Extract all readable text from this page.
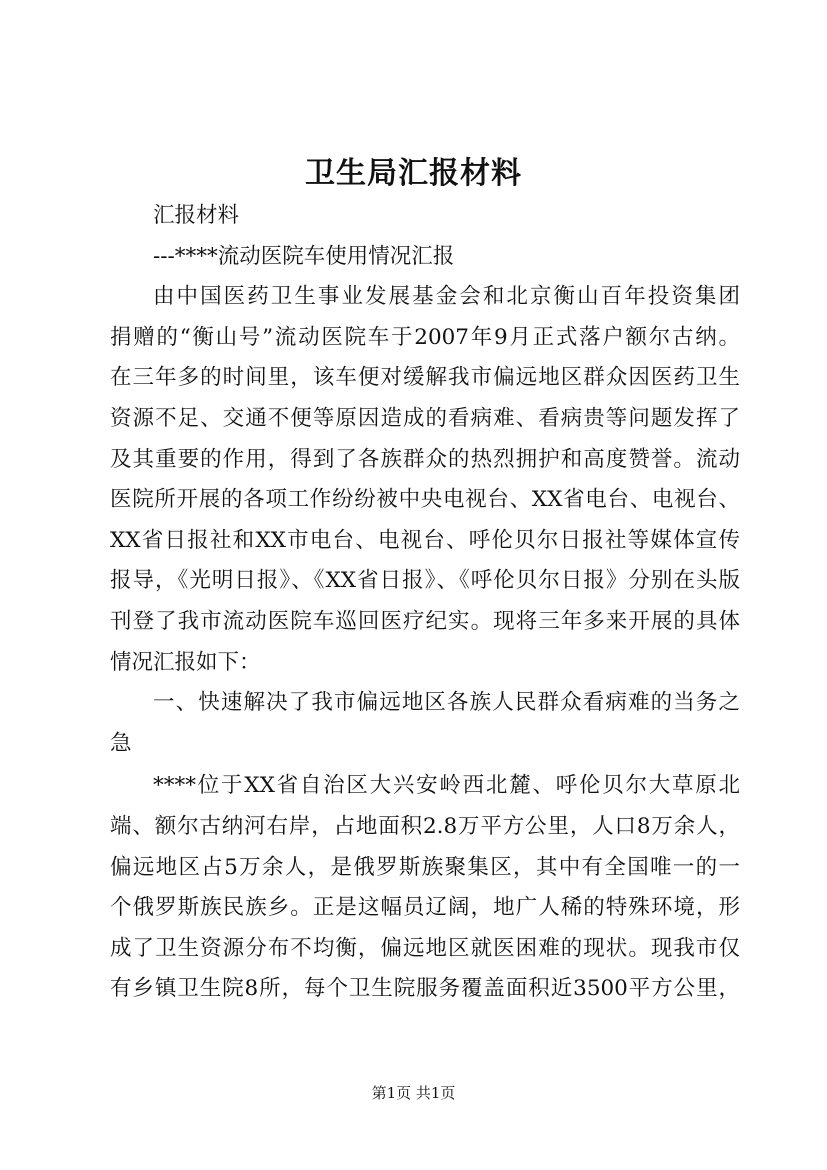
卫生局汇报材料
汇报材料
---****流动医院车使用情况汇报
由中国医药卫生事业发展基金会和北京衡山百年投资集团
捐赠的“衡山号”流动医院车于2007年9月正式落户额尔古纳。
在三年多的时间里，该车便对缓解我市偏远地区群众因医药卫生
资源不足、交通不便等原因造成的看病难、看病贵等问题发挥了
及其重要的作用，得到了各族群众的热烈拥护和高度赞誉。流动
医院所开展的各项工作纷纷被中央电视台、XX省电台、电视台、
XX省日报社和XX市电台、电视台、呼伦贝尔日报社等媒体宣传
报导，《光明日报》、《XX省日报》、《呼伦贝尔日报》分别在头版
刊登了我市流动医院车巡回医疗纪实。现将三年多来开展的具体
情况汇报如下：
一、快速解决了我市偏远地区各族人民群众看病难的当务之
急
****位于XX省自治区大兴安岭西北麓、呼伦贝尔大草原北
端、额尔古纳河右岸，占地面积2.8万平方公里，人口8万余人，
偏远地区占5万余人，是俄罗斯族聚集区，其中有全国唯一的一
个俄罗斯族民族乡。正是这幅员辽阔，地广人稀的特殊环境，形
成了卫生资源分布不均衡，偏远地区就医困难的现状。现我市仅
有乡镇卫生院8所，每个卫生院服务覆盖面积近3500平方公里，
第1页 共1页
